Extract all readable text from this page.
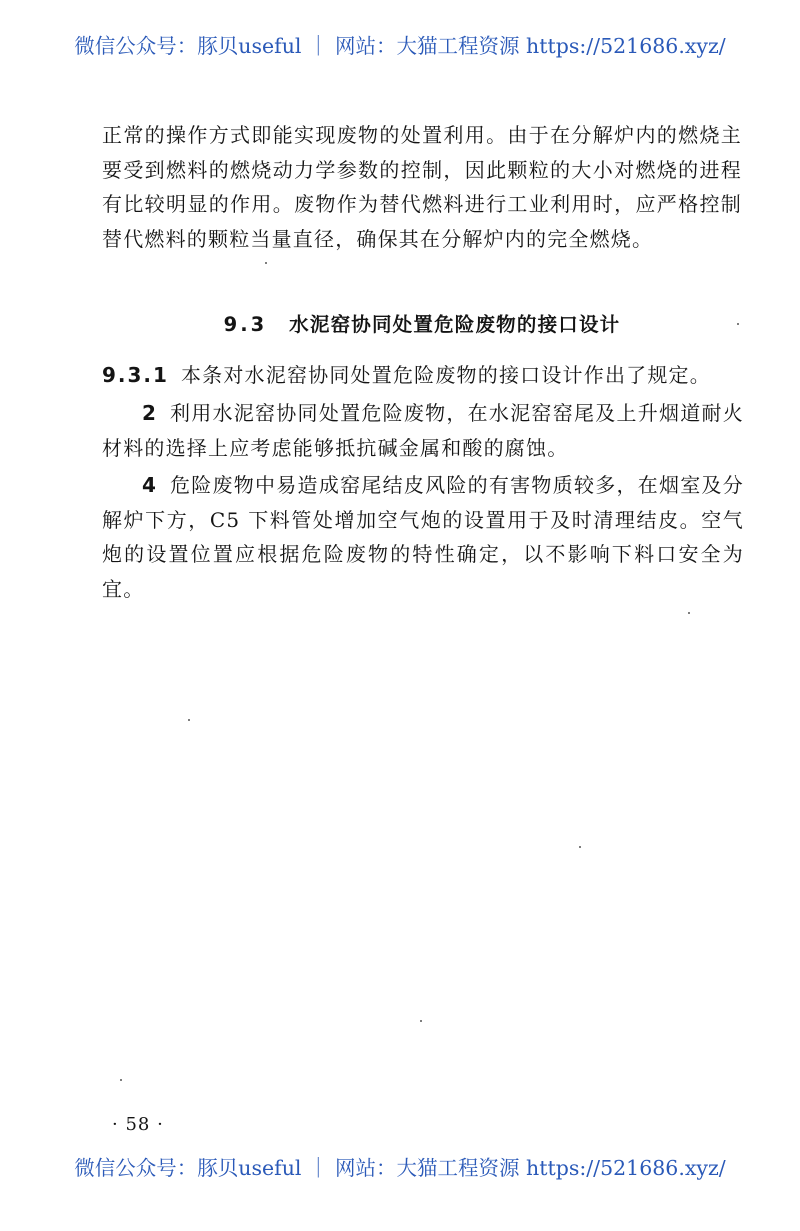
微信公众号：豚贝useful ｜ 网站：大猫工程资源 https://521686.xyz/

正常的操作方式即能实现废物的处置利用。由于在分解炉内的燃烧主要受到燃料的燃烧动力学参数的控制，因此颗粒的大小对燃烧的进程有比较明显的作用。废物作为替代燃料进行工业利用时，应严格控制替代燃料的颗粒当量直径，确保其在分解炉内的完全燃烧。

9.3 水泥窑协同处置危险废物的接口设计

9.3.1 本条对水泥窑协同处置危险废物的接口设计作出了规定。

2 利用水泥窑协同处置危险废物，在水泥窑窑尾及上升烟道耐火材料的选择上应考虑能够抵抗碱金属和酸的腐蚀。

4 危险废物中易造成窑尾结皮风险的有害物质较多，在烟室及分解炉下方，C5 下料管处增加空气炮的设置用于及时清理结皮。空气炮的设置位置应根据危险废物的特性确定，以不影响下料口安全为宜。

· 58 ·
微信公众号：豚贝useful ｜ 网站：大猫工程资源 https://521686.xyz/
